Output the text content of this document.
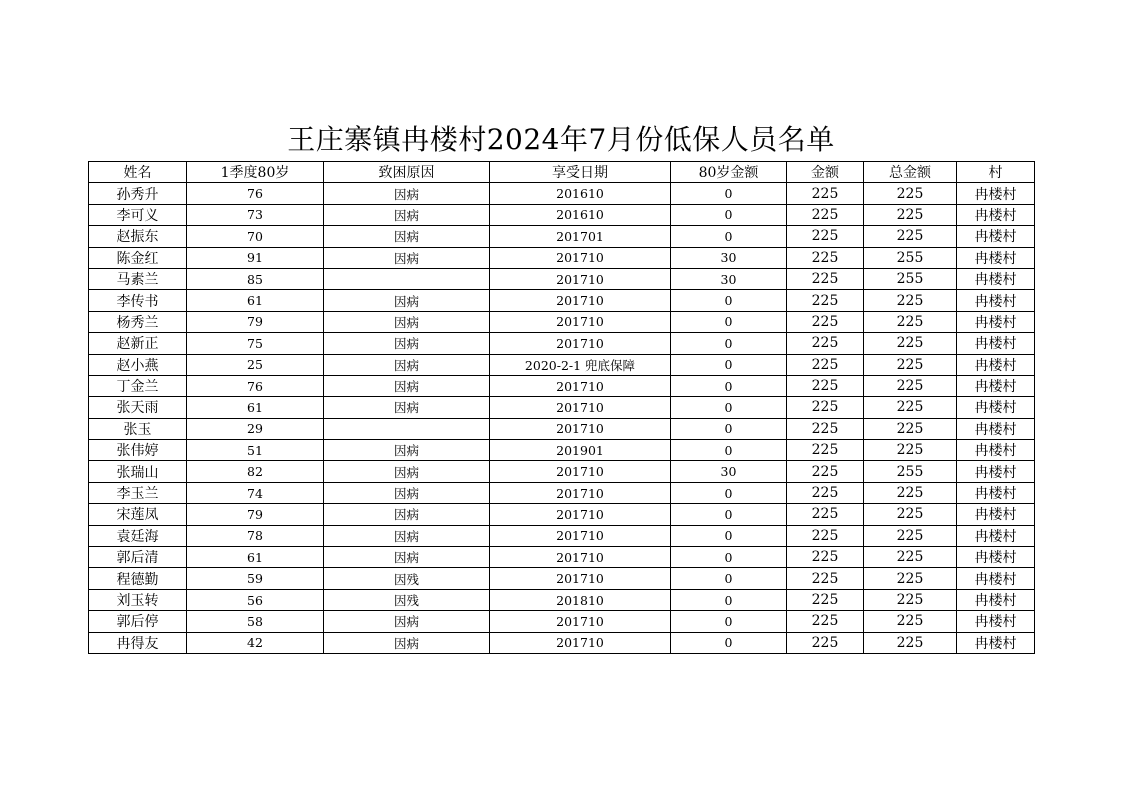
王庄寨镇冉楼村2024年7月份低保人员名单
姓名	1季度80岁	致困原因	享受日期	80岁金额	金额	总金额	村
孙秀升	76	因病	201610	0	225	225	冉楼村
李可义	73	因病	201610	0	225	225	冉楼村
赵振东	70	因病	201701	0	225	225	冉楼村
陈金红	91	因病	201710	30	225	255	冉楼村
马素兰	85		201710	30	225	255	冉楼村
李传书	61	因病	201710	0	225	225	冉楼村
杨秀兰	79	因病	201710	0	225	225	冉楼村
赵新正	75	因病	201710	0	225	225	冉楼村
赵小燕	25	因病	2020-2-1 兜底保障	0	225	225	冉楼村
丁金兰	76	因病	201710	0	225	225	冉楼村
张天雨	61	因病	201710	0	225	225	冉楼村
张玉	29		201710	0	225	225	冉楼村
张伟婷	51	因病	201901	0	225	225	冉楼村
张瑞山	82	因病	201710	30	225	255	冉楼村
李玉兰	74	因病	201710	0	225	225	冉楼村
宋莲凤	79	因病	201710	0	225	225	冉楼村
袁廷海	78	因病	201710	0	225	225	冉楼村
郭后清	61	因病	201710	0	225	225	冉楼村
程德勤	59	因残	201710	0	225	225	冉楼村
刘玉转	56	因残	201810	0	225	225	冉楼村
郭后停	58	因病	201710	0	225	225	冉楼村
冉得友	42	因病	201710	0	225	225	冉楼村
